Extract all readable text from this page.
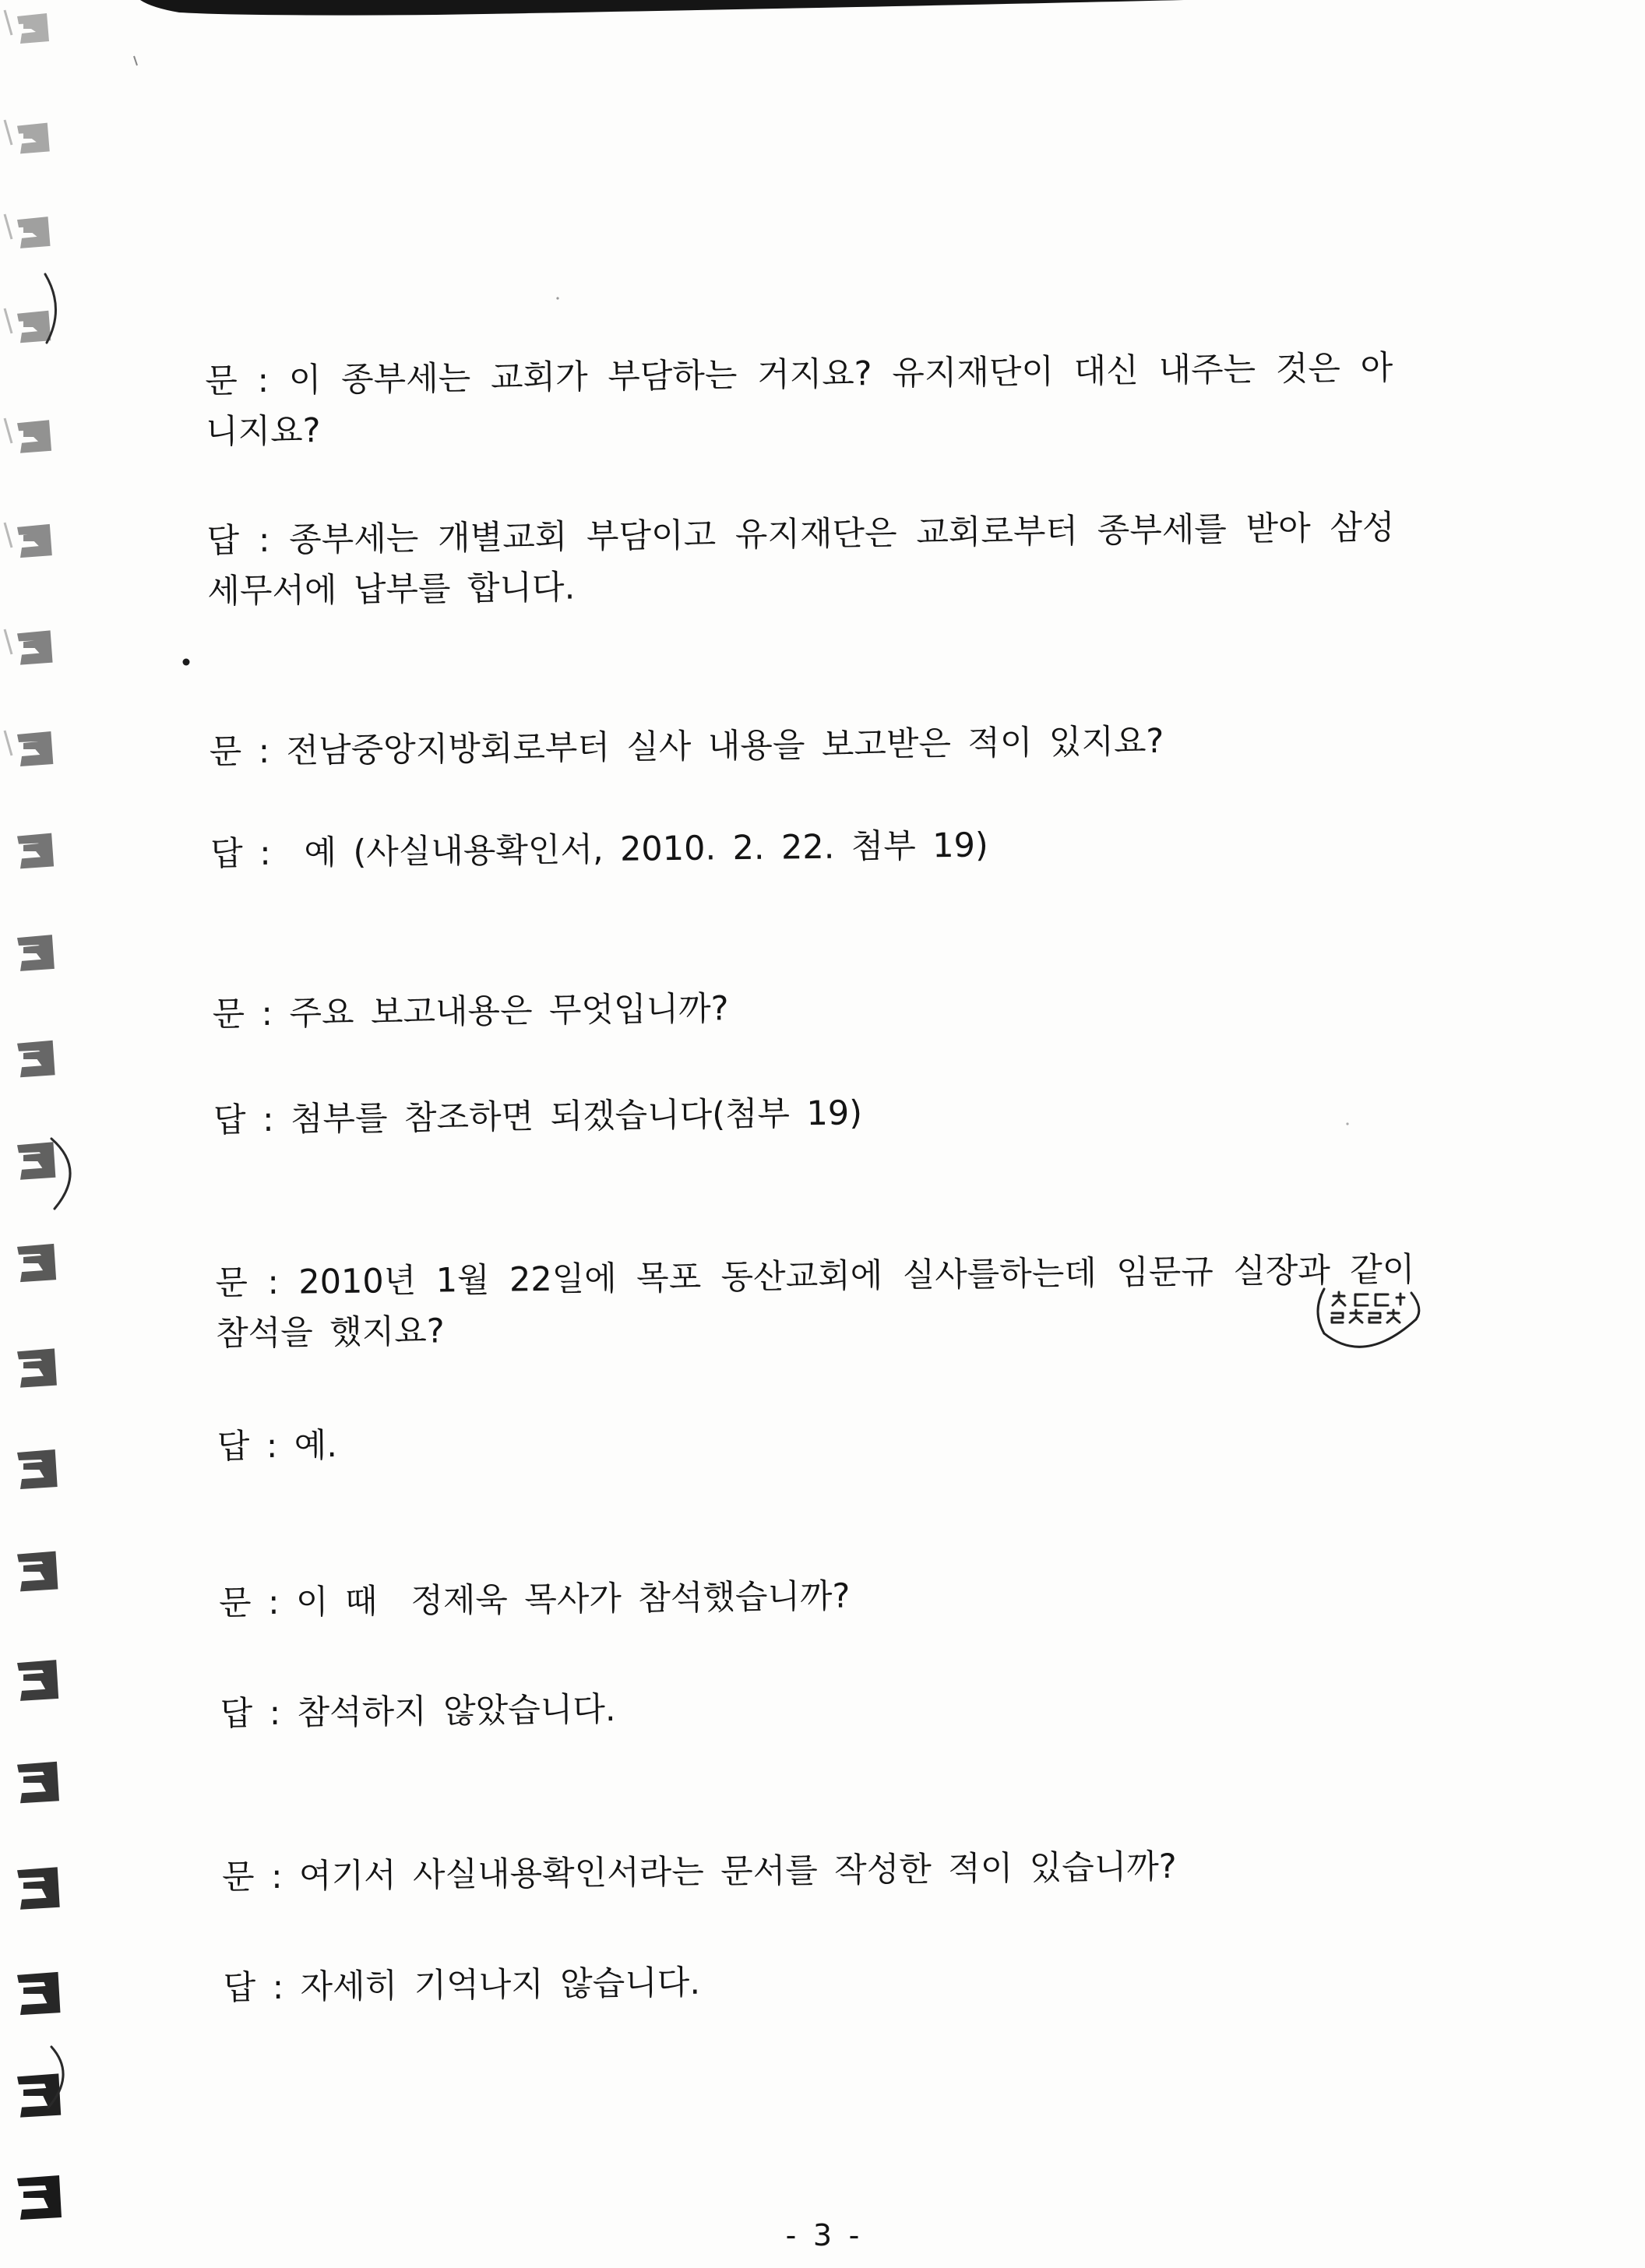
문 : 이 종부세는 교회가 부담하는 거지요? 유지재단이 대신 내주는 것은 아
니지요?
답 : 종부세는 개별교회 부담이고 유지재단은 교회로부터 종부세를 받아 삼성
세무서에 납부를 합니다.
문 : 전남중앙지방회로부터 실사 내용을 보고받은 적이 있지요?
답 :  예 (사실내용확인서, 2010. 2. 22. 첨부 19)
문 : 주요 보고내용은 무엇입니까?
답 : 첨부를 참조하면 되겠습니다(첨부 19)
문 : 2010년 1월 22일에 목포 동산교회에 실사를하는데 임문규 실장과 같이
참석을 했지요?
답 : 예.
문 : 이 때  정제욱 목사가 참석했습니까?
답 : 참석하지 않았습니다.
문 : 여기서 사실내용확인서라는 문서를 작성한 적이 있습니까?
답 : 자세히 기억나지 않습니다.
- 3 -
